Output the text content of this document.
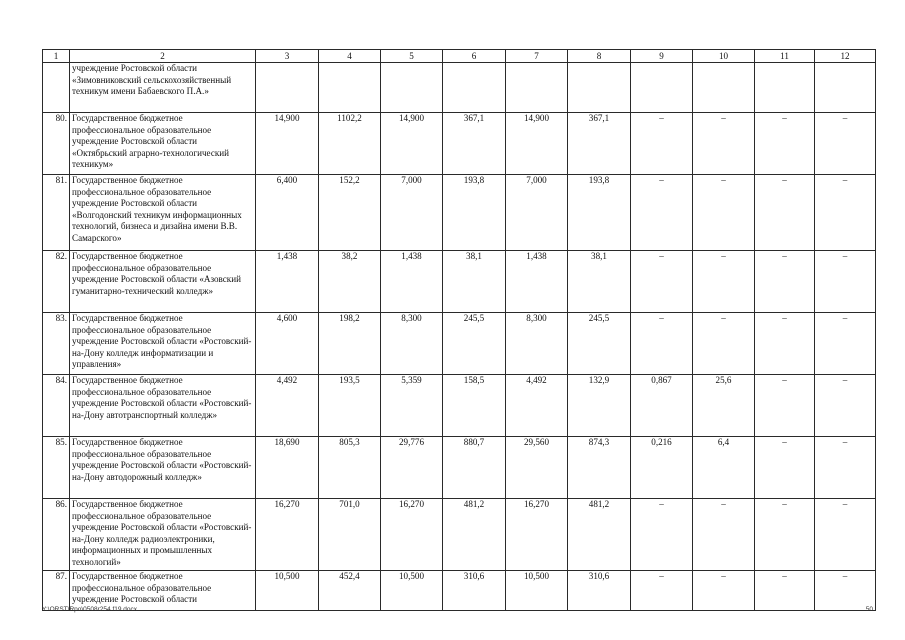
1	2	3	4	5	6	7	8	9	10	11	12
	учреждение Ростовской области «Зимовниковский сельскохозяйственный техникум имени Бабаевского П.А.»										
80.	Государственное бюджетное профессиональное образовательное учреждение Ростовской области «Октябрьский аграрно-технологический техникум»	14,900	1102,2	14,900	367,1	14,900	367,1	–	–	–	–
81.	Государственное бюджетное профессиональное образовательное учреждение Ростовской области «Волгодонский техникум информационных технологий, бизнеса и дизайна имени В.В. Самарского»	6,400	152,2	7,000	193,8	7,000	193,8	–	–	–	–
82.	Государственное бюджетное профессиональное образовательное учреждение Ростовской области «Азовский гуманитарно-технический колледж»	1,438	38,2	1,438	38,1	1,438	38,1	–	–	–	–
83.	Государственное бюджетное профессиональное образовательное учреждение Ростовской области «Ростовский-на-Дону колледж информатизации и управления»	4,600	198,2	8,300	245,5	8,300	245,5	–	–	–	–
84.	Государственное бюджетное профессиональное образовательное учреждение Ростовской области «Ростовский-на-Дону автотранспортный колледж»	4,492	193,5	5,359	158,5	4,492	132,9	0,867	25,6	–	–
85.	Государственное бюджетное профессиональное образовательное учреждение Ростовской области «Ростовский-на-Дону автодорожный колледж»	18,690	805,3	29,776	880,7	29,560	874,3	0,216	6,4	–	–
86.	Государственное бюджетное профессиональное образовательное учреждение Ростовской области «Ростовский-на-Дону колледж радиоэлектроники, информационных и промышленных технологий»	16,270	701,0	16,270	481,2	16,270	481,2	–	–	–	–
87.	Государственное бюджетное профессиональное образовательное учреждение Ростовской области	10,500	452,4	10,500	310,6	10,500	310,6	–	–	–	–
Y:\ORST\Rpo\0508r254.f19.docx	50
